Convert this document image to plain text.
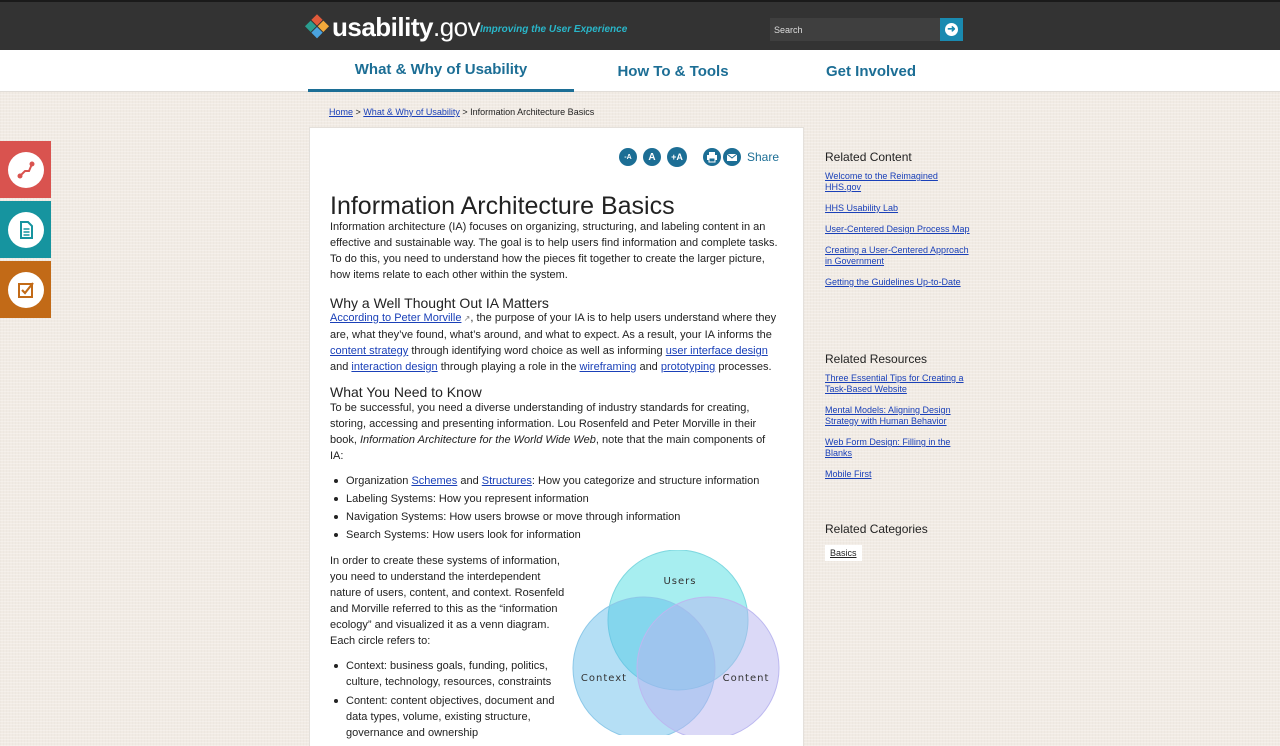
usability.gov Improving the User Experience
Search	➜
What & Why of Usability	How To & Tools	Get Involved
Home > What & Why of Usability > Information Architecture Basics
-A	A	+A	Share
Information Architecture Basics

Information architecture (IA) focuses on organizing, structuring, and labeling content in an effective and sustainable way. The goal is to help users find information and complete tasks. To do this, you need to understand how the pieces fit together to create the larger picture, how items relate to each other within the system.

Why a Well Thought Out IA Matters

According to Peter Morville ↗, the purpose of your IA is to help users understand where they are, what they’ve found, what’s around, and what to expect. As a result, your IA informs the content strategy through identifying word choice as well as informing user interface design and interaction design through playing a role in the wireframing and prototyping processes.

What You Need to Know

To be successful, you need a diverse understanding of industry standards for creating, storing, accessing and presenting information. Lou Rosenfeld and Peter Morville in their book, Information Architecture for the World Wide Web, note that the main components of IA:

Organization Schemes and Structures: How you categorize and structure information
Labeling Systems: How you represent information
Navigation Systems: How users browse or move through information
Search Systems: How users look for information

In order to create these systems of information, you need to understand the interdependent nature of users, content, and context. Rosenfeld and Morville referred to this as the “information ecology” and visualized it as a venn diagram. Each circle refers to:

Context: business goals, funding, politics, culture, technology, resources, constraints
Content: content objectives, document and data types, volume, existing structure, governance and ownership
Users
Context	Content
Related Content
Welcome to the Reimagined HHS.gov
HHS Usability Lab
User-Centered Design Process Map
Creating a User-Centered Approach in Government
Getting the Guidelines Up-to-Date
Related Resources
Three Essential Tips for Creating a Task-Based Website
Mental Models: Aligning Design Strategy with Human Behavior
Web Form Design: Filling in the Blanks
Mobile First
Related Categories
Basics
